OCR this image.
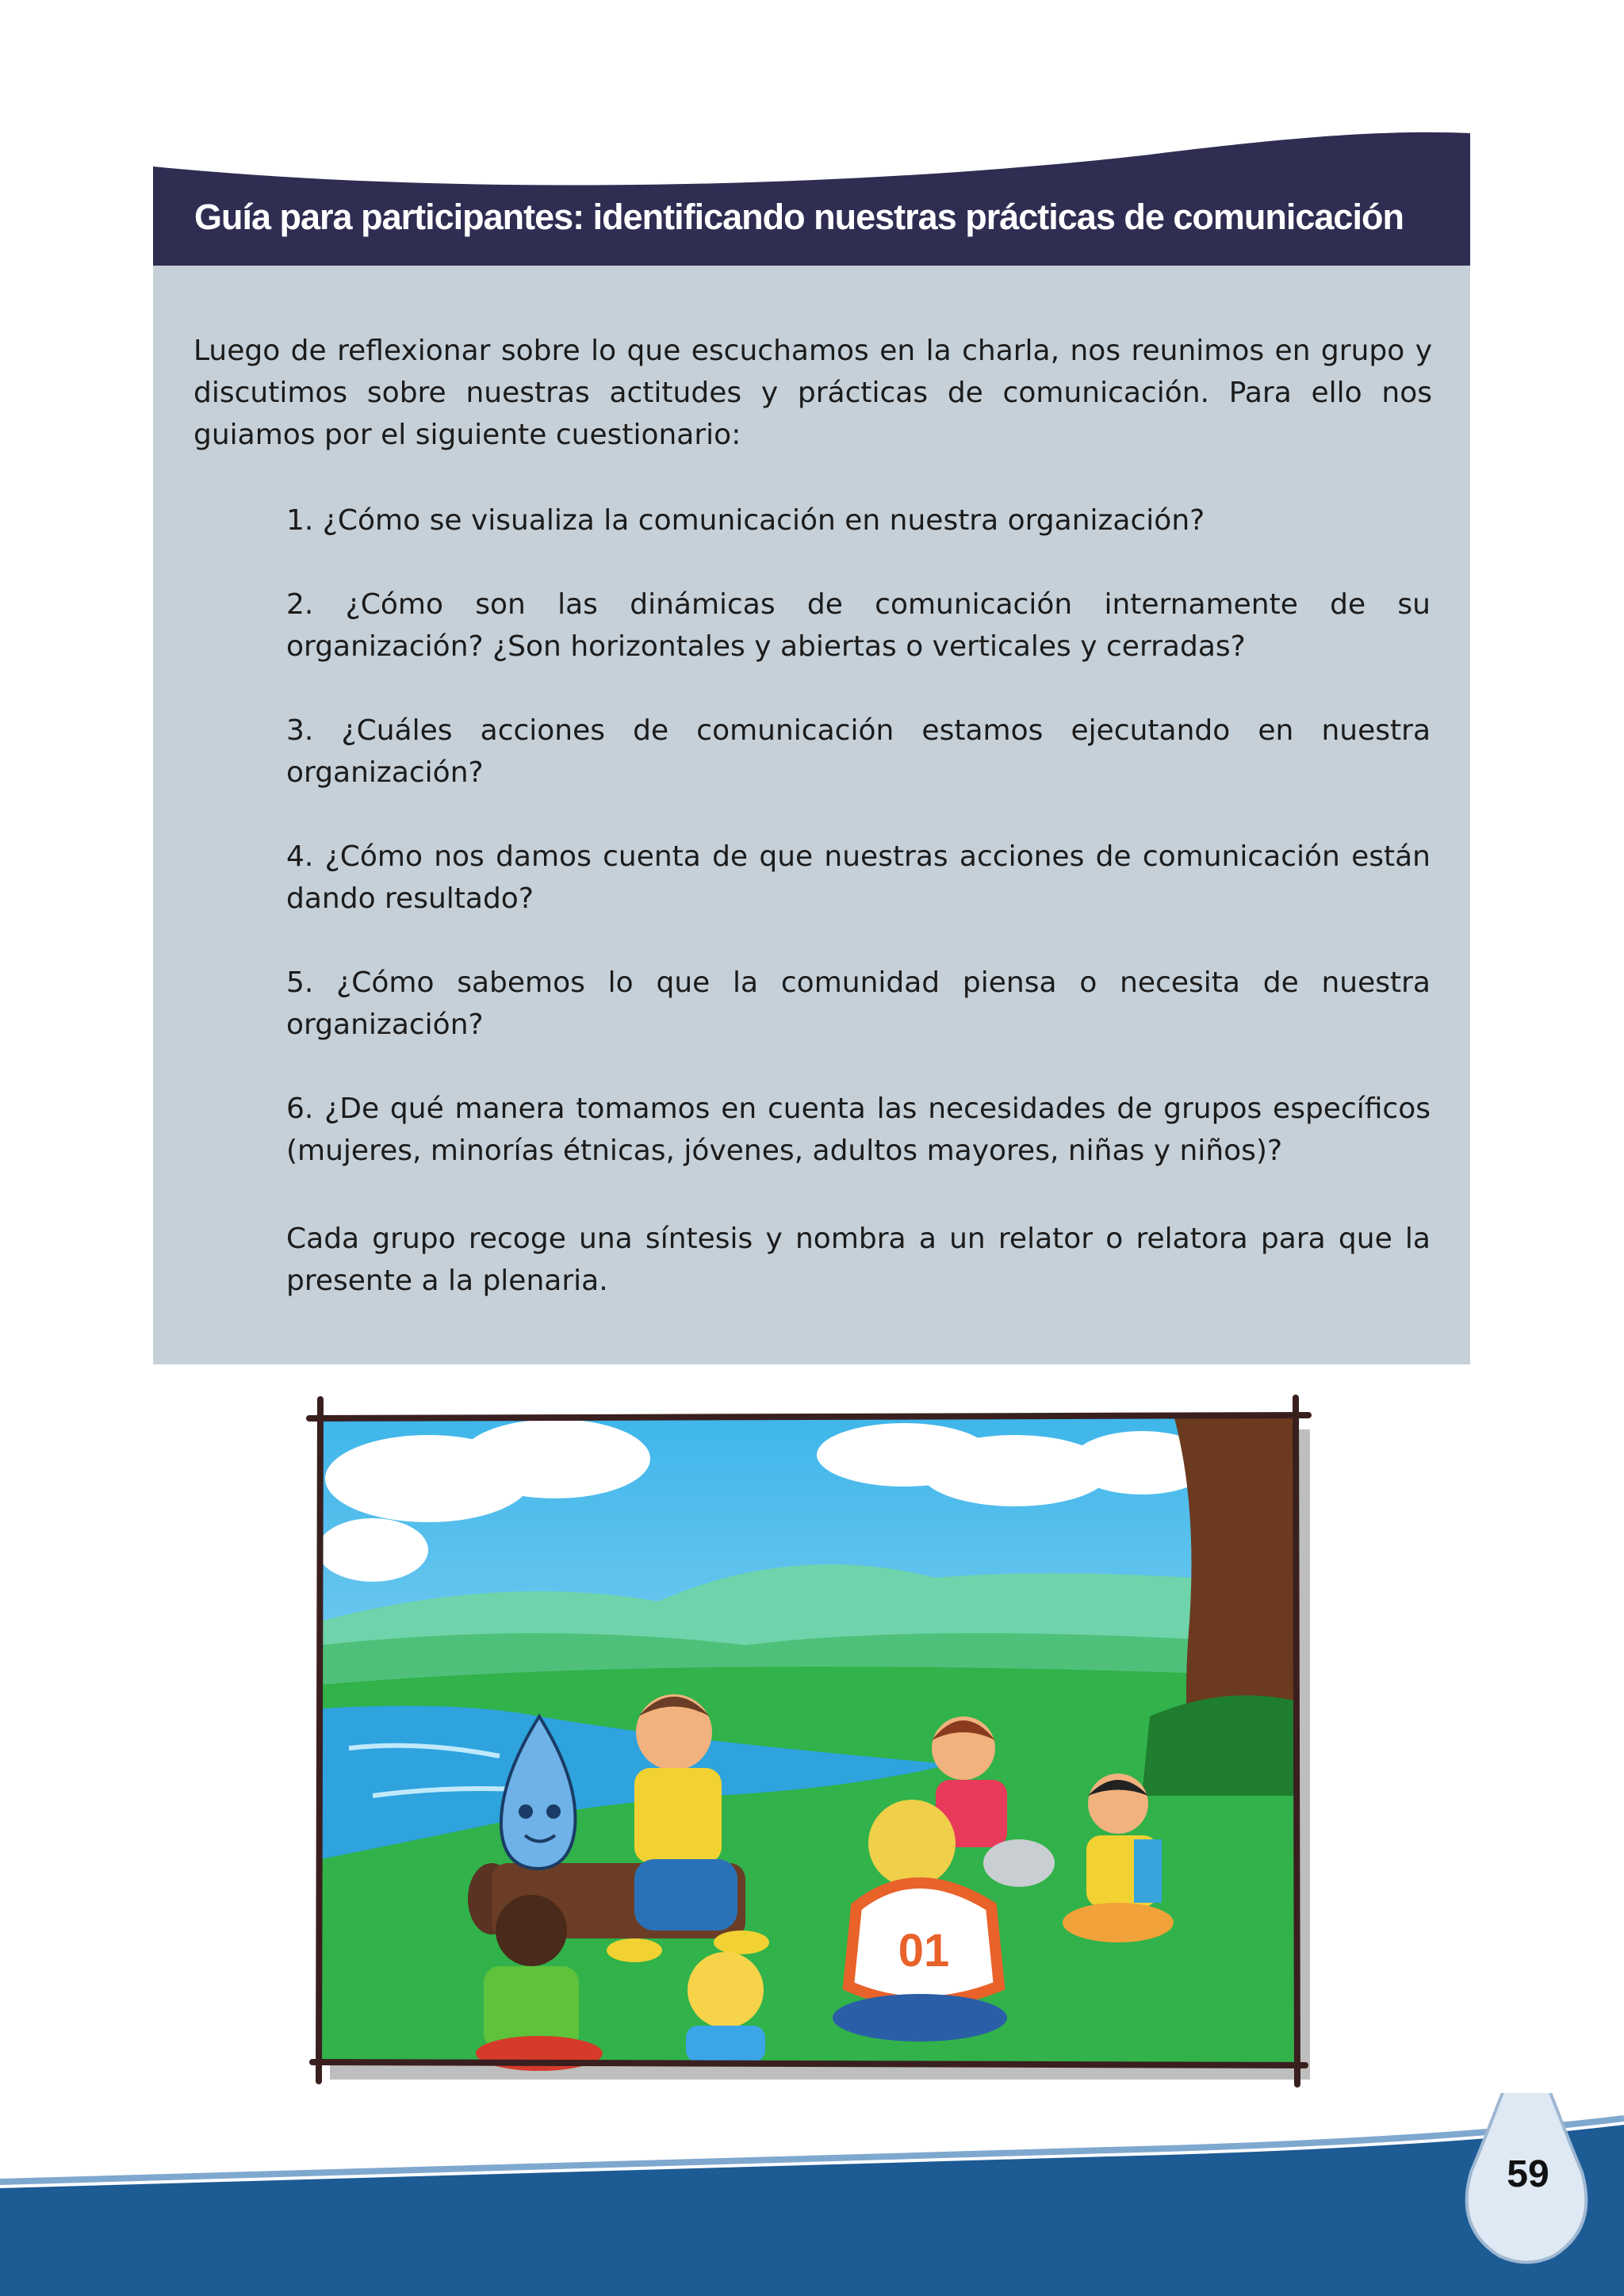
Guía para participantes: identificando nuestras prácticas de comunicación

Luego de reflexionar sobre lo que escuchamos en la charla, nos reunimos en grupo y discutimos sobre nuestras actitudes y prácticas de comunicación. Para ello nos guiamos por el siguiente cuestionario:

1. ¿Cómo se visualiza la comunicación en nuestra organización?
2. ¿Cómo son las dinámicas de comunicación internamente de su organización? ¿Son horizontales y abiertas o verticales y cerradas?
3. ¿Cuáles acciones de comunicación estamos ejecutando en nuestra organización?
4. ¿Cómo nos damos cuenta de que nuestras acciones de comunicación están dando resultado?
5. ¿Cómo sabemos lo que la comunidad piensa o necesita de nuestra organización?
6. ¿De qué manera tomamos en cuenta las necesidades de grupos específicos (mujeres, minorías étnicas, jóvenes, adultos mayores, niñas y niños)?

Cada grupo recoge una síntesis y nombra a un relator o relatora para que la presente a la plenaria.

01
59
